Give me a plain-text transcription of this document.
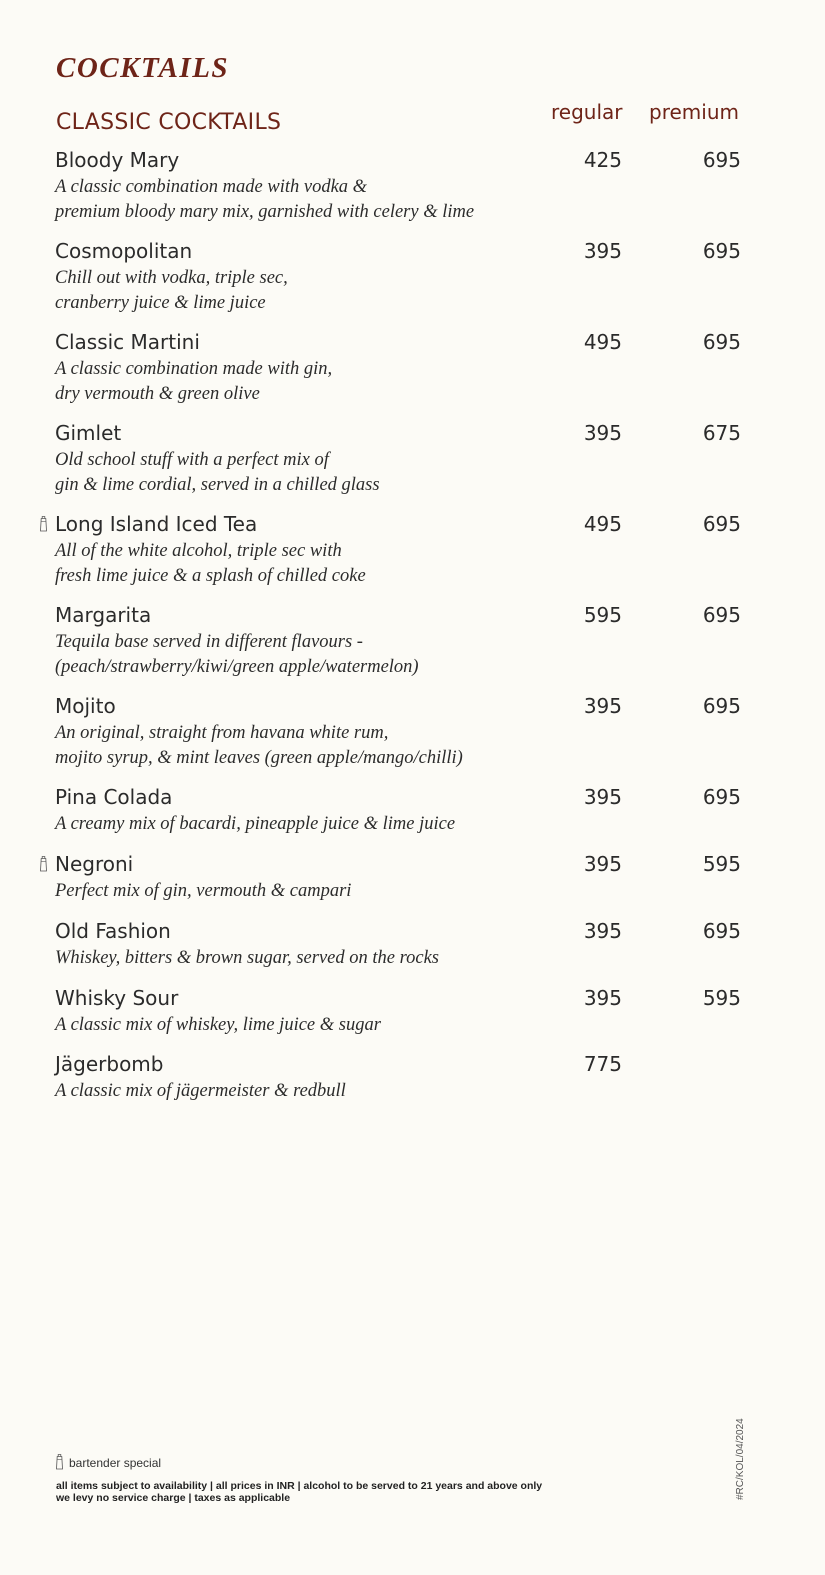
COCKTAILS
CLASSIC COCKTAILS	regular premium
Bloody Mary
A classic combination made with vodka &
premium bloody mary mix, garnished with celery & lime
425	695
Cosmopolitan
Chill out with vodka, triple sec,
cranberry juice & lime juice
395	695
Classic Martini
A classic combination made with gin,
dry vermouth & green olive
495	695
Gimlet
Old school stuff with a perfect mix of
gin & lime cordial, served in a chilled glass
395	675
Long Island Iced Tea
All of the white alcohol, triple sec with
fresh lime juice & a splash of chilled coke
495	695
Margarita
Tequila base served in different flavours -
(peach/strawberry/kiwi/green apple/watermelon)
595	695
Mojito
An original, straight from havana white rum,
mojito syrup, & mint leaves (green apple/mango/chilli)
395	695
Pina Colada
A creamy mix of bacardi, pineapple juice & lime juice
395	695
Negroni
Perfect mix of gin, vermouth & campari
395	595
Old Fashion
Whiskey, bitters & brown sugar, served on the rocks
395	695
Whisky Sour
A classic mix of whiskey, lime juice & sugar
395	595
Jägerbomb
A classic mix of jägermeister & redbull
775
bartender special
all items subject to availability | all prices in INR | alcohol to be served to 21 years and above only
we levy no service charge | taxes as applicable	#RC/KOL/04/2024
